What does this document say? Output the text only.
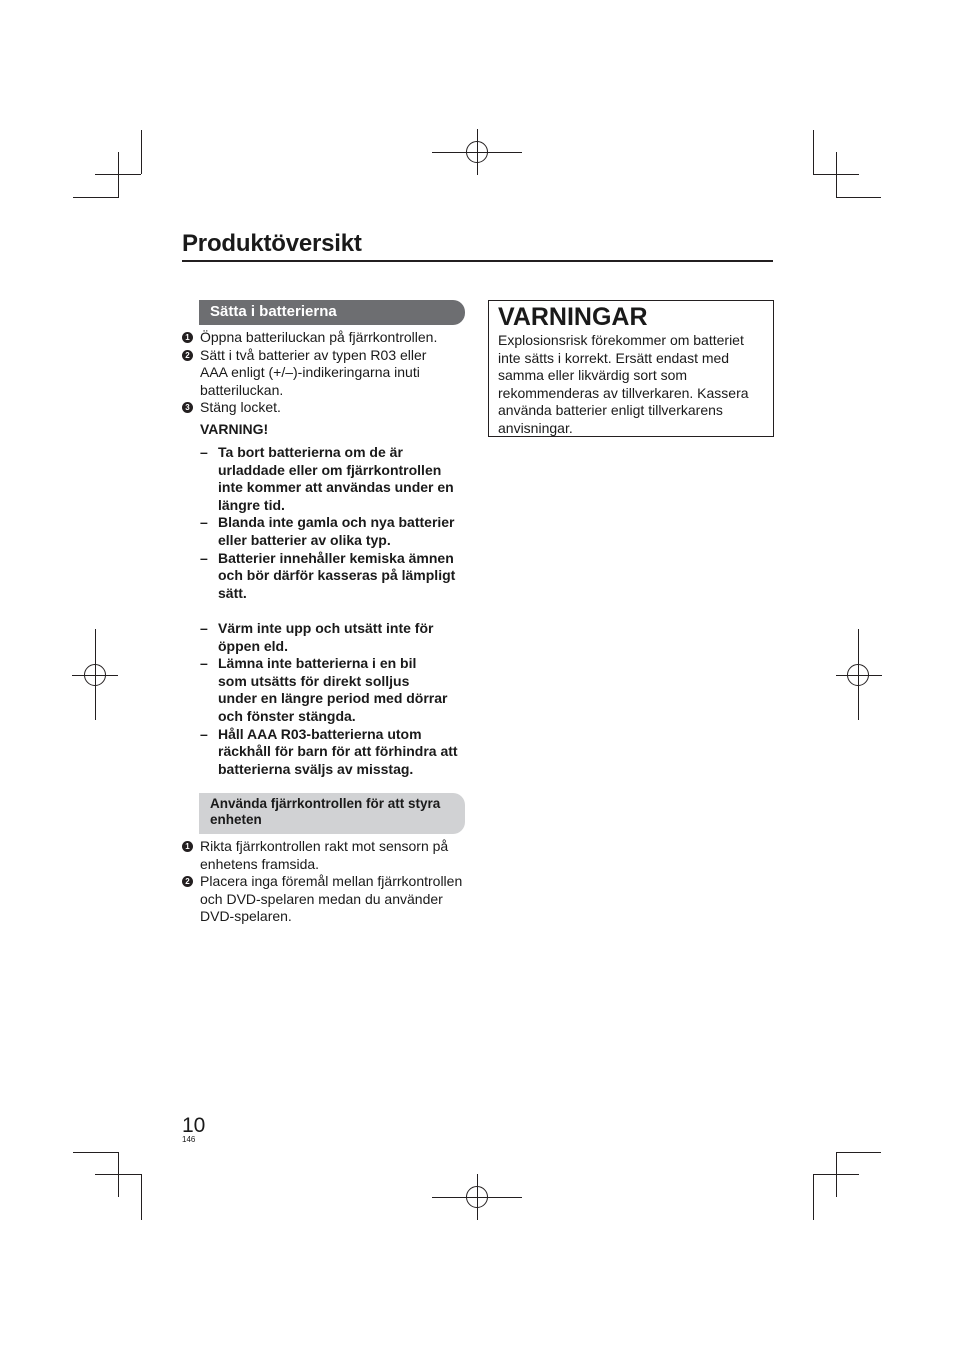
Produktöversikt
Sätta i batterierna
1 Öppna batteriluckan på fjärrkontrollen.
2 Sätt i två batterier av typen R03 eller AAA enligt (+/–)-indikeringarna inuti batteriluckan.
3 Stäng locket.
VARNING!
– Ta bort batterierna om de är urladdade eller om fjärrkontrollen inte kommer att användas under en längre tid.
– Blanda inte gamla och nya batterier eller batterier av olika typ.
– Batterier innehåller kemiska ämnen och bör därför kasseras på lämpligt sätt.
– Värm inte upp och utsätt inte för öppen eld.
– Lämna inte batterierna i en bil som utsätts för direkt solljus under en längre period med dörrar och fönster stängda.
– Håll AAA R03-batterierna utom räckhåll för barn för att förhindra att batterierna sväljs av misstag.
Använda fjärrkontrollen för att styra enheten
1 Rikta fjärrkontrollen rakt mot sensorn på enhetens framsida.
2 Placera inga föremål mellan fjärrkontrollen och DVD-spelaren medan du använder DVD-spelaren.
VARNINGAR
Explosionsrisk förekommer om batteriet inte sätts i korrekt. Ersätt endast med samma eller likvärdig sort som rekommenderas av tillverkaren. Kassera använda batterier enligt tillverkarens anvisningar.
10
146
